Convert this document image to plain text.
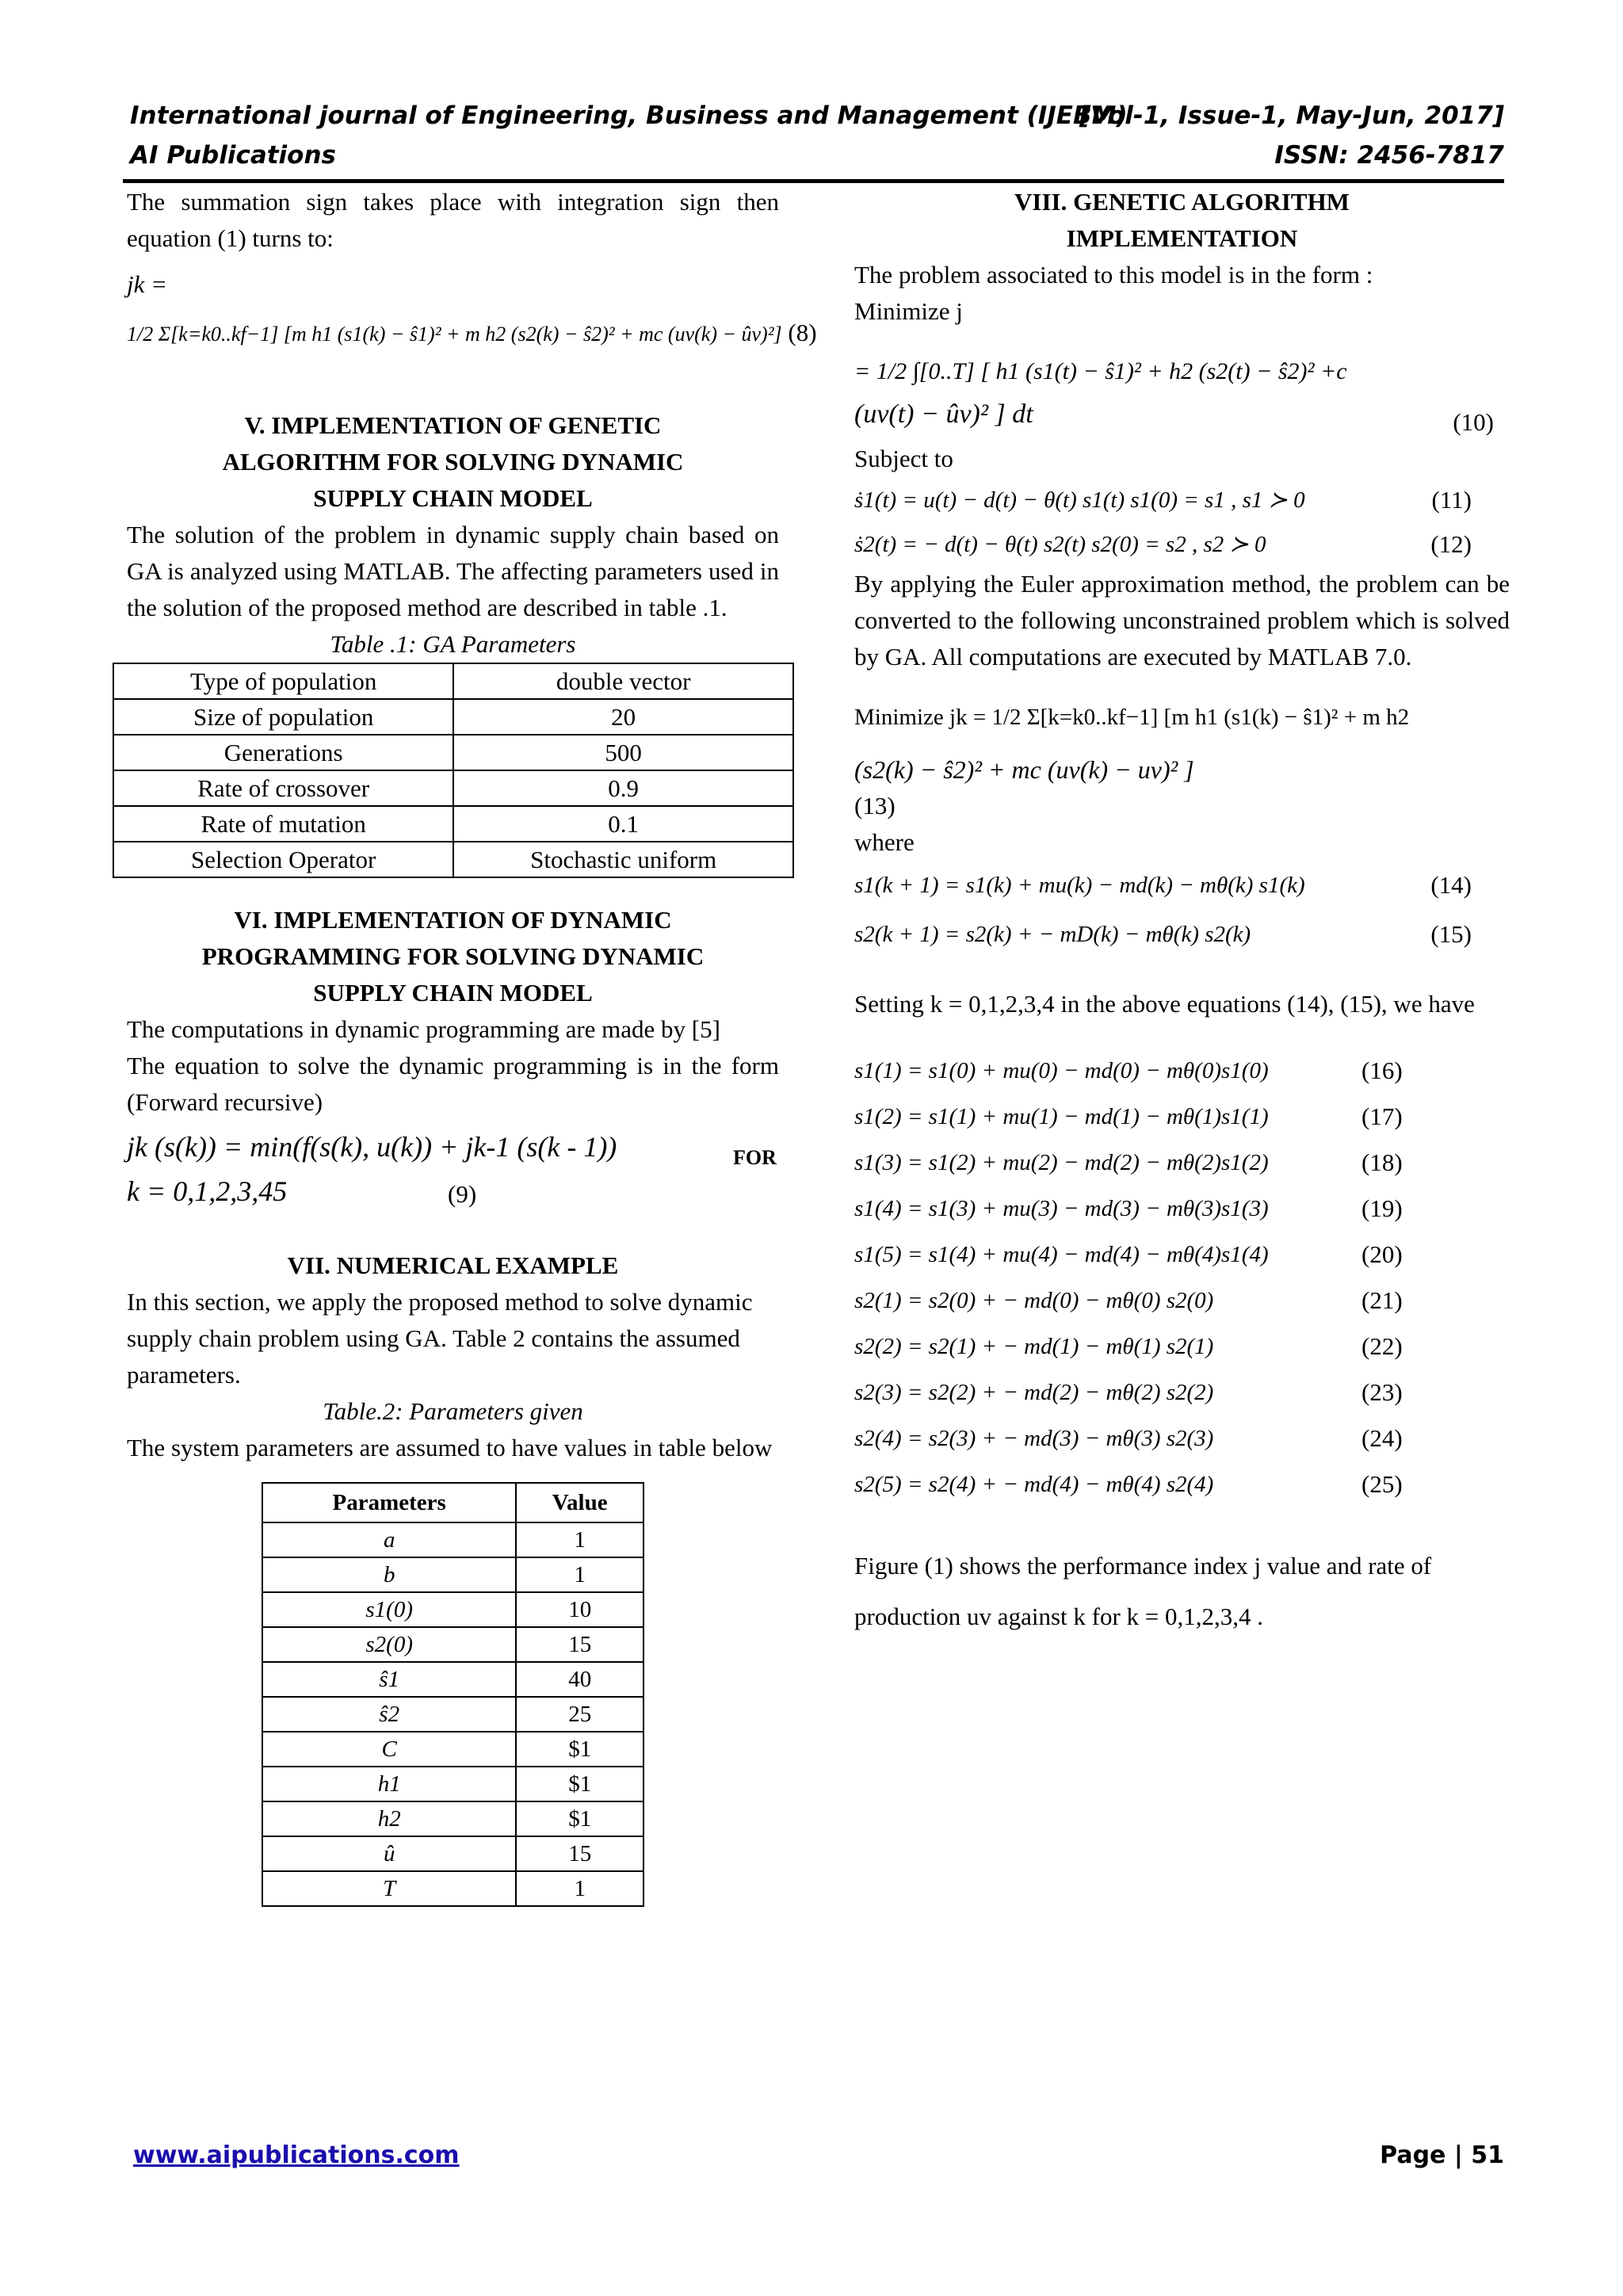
International journal of Engineering, Business and Management (IJEBM)
[Vol-1, Issue-1, May-Jun, 2017]
AI Publications	ISSN: 2456-7817

The summation sign takes place with integration sign then equation (1) turns to:

jk =

1/2 Σ[k=k0..kf−1] [m h1 (s1(k) − ŝ1)² + m h2 (s2(k) − ŝ2)² + mc (uv(k) − ûv)²] (8)

V. IMPLEMENTATION OF GENETIC ALGORITHM FOR SOLVING DYNAMIC SUPPLY CHAIN MODEL

The solution of the problem in dynamic supply chain based on GA is analyzed using MATLAB. The affecting parameters used in the solution of the proposed method are described in table .1.

Table .1: GA Parameters

Type of population	double vector
Size of population	20
Generations	500
Rate of crossover	0.9
Rate of mutation	0.1
Selection Operator	Stochastic uniform

VI. IMPLEMENTATION OF DYNAMIC PROGRAMMING FOR SOLVING DYNAMIC SUPPLY CHAIN MODEL

The computations in dynamic programming are made by [5]

The equation to solve the dynamic programming is in the form (Forward recursive)

jk (s(k)) = min(f(s(k), u(k)) + jk-1 (s(k - 1))	FOR
k = 0,1,2,3,45	(9)

VII. NUMERICAL EXAMPLE

In this section, we apply the proposed method to solve dynamic supply chain problem using GA. Table 2 contains the assumed parameters.

Table.2: Parameters given

The system parameters are assumed to have values in table below

Parameters	Value
a	1
b	1
s1(0)	10
s2(0)	15
ŝ1	40
ŝ2	25
C	$1
h1	$1
h2	$1
û	15
T	1

VIII. GENETIC ALGORITHM IMPLEMENTATION

The problem associated to this model is in the form :

Minimize j

= 1/2 ∫[0..T] [ h1 (s1(t) − ŝ1)² + h2 (s2(t) − ŝ2)² +c

(uv(t) − ûv)² ] dt	(10)

Subject to

ṡ1(t) = u(t) − d(t) − θ(t) s1(t) s1(0) = s1 , s1 ≻ 0	(11)
ṡ2(t) = − d(t) − θ(t) s2(t) s2(0) = s2 , s2 ≻ 0	(12)

By applying the Euler approximation method, the problem can be converted to the following unconstrained problem which is solved by GA. All computations are executed by MATLAB 7.0.

Minimize jk = 1/2 Σ[k=k0..kf−1] [m h1 (s1(k) − ŝ1)² + m h2

(s2(k) − ŝ2)² + mc (uv(k) − uv)² ]

(13)

where

s1(k + 1) = s1(k) + mu(k) − md(k) − mθ(k) s1(k)	(14)
s2(k + 1) = s2(k) + − mD(k) − mθ(k) s2(k)	(15)

Setting k = 0,1,2,3,4 in the above equations (14), (15), we have

s1(1) = s1(0) + mu(0) − md(0) − mθ(0)s1(0)	(16)
s1(2) = s1(1) + mu(1) − md(1) − mθ(1)s1(1)	(17)
s1(3) = s1(2) + mu(2) − md(2) − mθ(2)s1(2)	(18)
s1(4) = s1(3) + mu(3) − md(3) − mθ(3)s1(3)	(19)
s1(5) = s1(4) + mu(4) − md(4) − mθ(4)s1(4)	(20)
s2(1) = s2(0) + − md(0) − mθ(0) s2(0)	(21)
s2(2) = s2(1) + − md(1) − mθ(1) s2(1)	(22)
s2(3) = s2(2) + − md(2) − mθ(2) s2(2)	(23)
s2(4) = s2(3) + − md(3) − mθ(3) s2(3)	(24)
s2(5) = s2(4) + − md(4) − mθ(4) s2(4)	(25)

Figure (1) shows the performance index j value and rate of production uv against k for k = 0,1,2,3,4 .

www.aipublications.com	Page | 51
